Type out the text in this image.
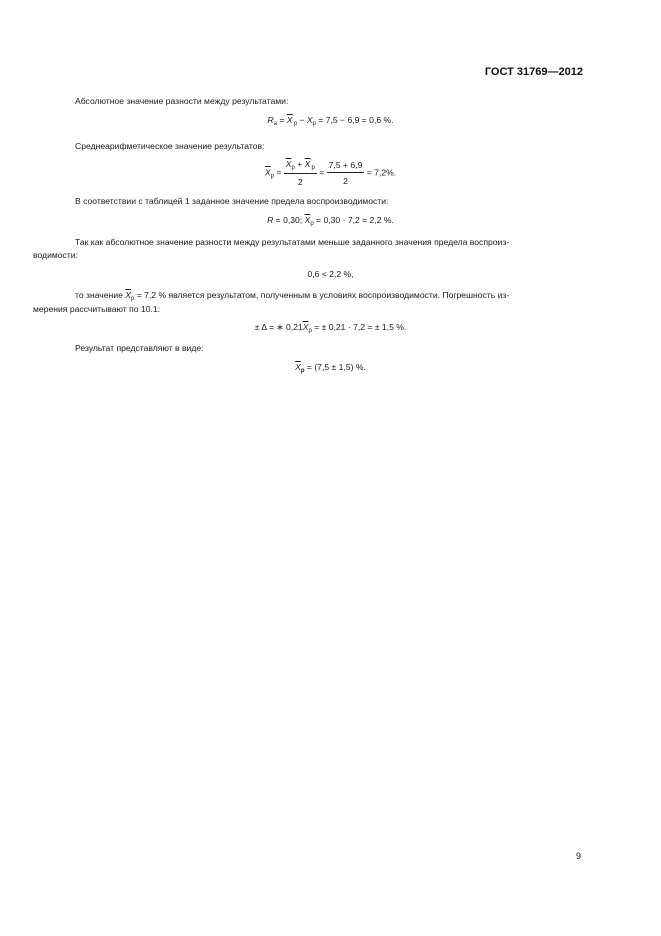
ГОСТ 31769—2012
Абсолютное значение разности между результатами:
$R_a = \overline{X}'_p - X_p = 7,5 - 6,9 = 0,6$ %.
Среднеарифметическое значение результатов:
$\overline{X}_p = \frac{\overline{X}_p + \overline{X}'_p}{2} = \frac{7,5 + 6,9}{2} = 7,2\%$.
В соответствии с таблицей 1 заданное значение предела воспроизводимости:
R = 0,30; $\overline{X}_p = 0,30 \cdot 7,2 = 2,2$ %.
Так как абсолютное значение разности между результатами меньше заданного значения предела воспроиз-
водимости:
0,6 < 2,2 %,
то значение $\overline{X}_p = 7,2$ % является результатом, полученным в условиях воспроизводимости. Погрешность из-
мерения рассчитывают по 10.1:
± Δ = ∗ $0,21\overline{X}_p$ = ± 0,21 · 7,2 = ± 1,5 %.
Результат представляют в виде:
$\overline{X}_p = (7,5 \pm 1,5)$ %.
9
